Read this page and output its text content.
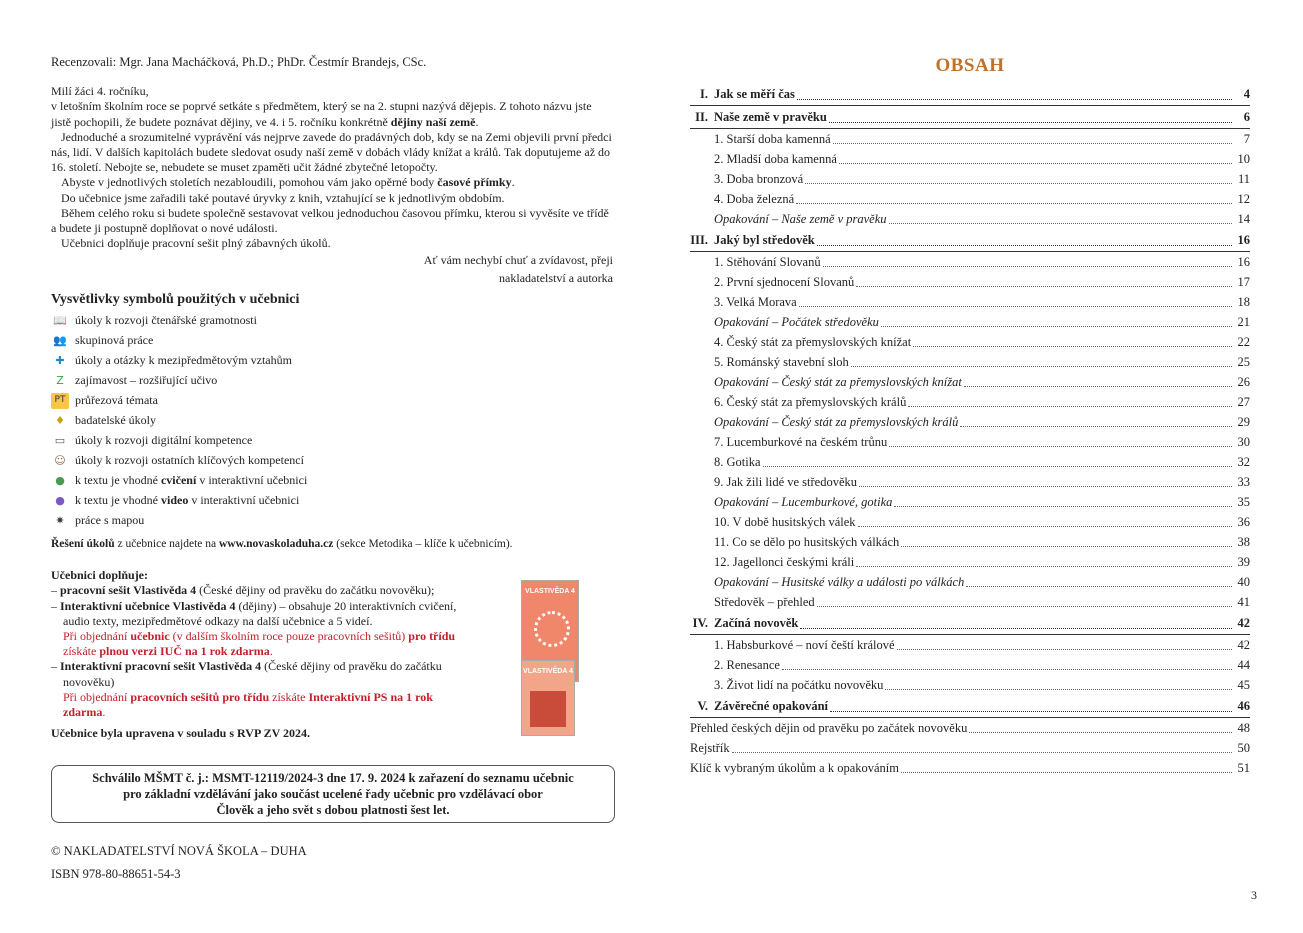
Recenzovali: Mgr. Jana Macháčková, Ph.D.; PhDr. Čestmír Brandejs, CSc.

Milí žáci 4. ročníku,

v letošním školním roce se poprvé setkáte s předmětem, který se na 2. stupni nazývá dějepis. Z tohoto názvu jste jistě pochopili, že budete poznávat dějiny, ve 4. i 5. ročníku konkrétně dějiny naší země.

Jednoduché a srozumitelné vyprávění vás nejprve zavede do pradávných dob, kdy se na Zemi objevili první předci nás, lidí. V dalších kapitolách budete sledovat osudy naší země v dobách vlády knížat a králů. Tak doputujeme až do 16. století. Nebojte se, nebudete se muset zpaměti učit žádné zbytečné letopočty.

Abyste v jednotlivých stoletích nezabloudili, pomohou vám jako opěrné body časové přímky.

Do učebnice jsme zařadili také poutavé úryvky z knih, vztahující se k jednotlivým obdobím.

Během celého roku si budete společně sestavovat velkou jednoduchou časovou přímku, kterou si vyvěsíte ve třídě a budete ji postupně doplňovat o nové události.

Učebnici doplňuje pracovní sešit plný zábavných úkolů.

Ať vám nechybí chuť a zvídavost, přeji
nakladatelství a autorka
Vysvětlivky symbolů použitých v učebnici
📖 úkoly k rozvoji čtenářské gramotnosti
👥 skupinová práce
✚ úkoly a otázky k mezipředmětovým vztahům
Z zajímavost – rozšiřující učivo
PT průřezová témata
♦ badatelské úkoly
▭ úkoly k rozvoji digitální kompetence
☺ úkoly k rozvoji ostatních klíčových kompetencí
● k textu je vhodné cvičení v interaktivní učebnici
● k textu je vhodné video v interaktivní učebnici
✷ práce s mapou
Řešení úkolů z učebnice najdete na www.novaskoladuha.cz (sekce Metodika – klíče k učebnicím).

Učebnici doplňuje:

– pracovní sešit Vlastivěda 4 (České dějiny od pravěku do začátku novověku);

– Interaktivní učebnice Vlastivěda 4 (dějiny) – obsahuje 20 interaktivních cvičení, audio texty, mezipředmětové odkazy na další učebnice a 5 videí.

Při objednání učebnic (v dalším školním roce pouze pracovních sešitů) pro třídu získáte plnou verzi IUČ na 1 rok zdarma.

– Interaktivní pracovní sešit Vlastivěda 4 (České dějiny od pravěku do začátku novověku)

Při objednání pracovních sešitů pro třídu získáte Interaktivní PS na 1 rok zdarma.

Učebnice byla upravena v souladu s RVP ZV 2024.

VLASTIVĚDA 4
VLASTIVĚDA 4
Schválilo MŠMT č. j.: MSMT-12119/2024-3 dne 17. 9. 2024 k zařazení do seznamu učebnic
pro základní vzdělávání jako součást ucelené řady učebnic pro vzdělávací obor
Člověk a jeho svět s dobou platnosti šest let.
© NAKLADATELSTVÍ NOVÁ ŠKOLA – DUHA
ISBN 978-80-88651-54-3
OBSAH
I. Jak se měří čas	4
II. Naše země v pravěku	6
1. Starší doba kamenná	7
2. Mladší doba kamenná	10
3. Doba bronzová	11
4. Doba železná	12
Opakování – Naše země v pravěku	14
III. Jaký byl středověk	16
1. Stěhování Slovanů	16
2. První sjednocení Slovanů	17
3. Velká Morava	18
Opakování – Počátek středověku	21
4. Český stát za přemyslovských knížat	22
5. Románský stavební sloh	25
Opakování – Český stát za přemyslovských knížat	26
6. Český stát za přemyslovských králů	27
Opakování – Český stát za přemyslovských králů	29
7. Lucemburkové na českém trůnu	30
8. Gotika	32
9. Jak žili lidé ve středověku	33
Opakování – Lucemburkové, gotika	35
10. V době husitských válek	36
11. Co se dělo po husitských válkách	38
12. Jagellonci českými králi	39
Opakování – Husitské války a události po válkách	40
Středověk – přehled	41
IV. Začíná novověk	42
1. Habsburkové – noví čeští králové	42
2. Renesance	44
3. Život lidí na počátku novověku	45
V. Závěrečné opakování	46
Přehled českých dějin od pravěku po začátek novověku	48
Rejstřík	50
Klíč k vybraným úkolům a k opakováním	51
3
